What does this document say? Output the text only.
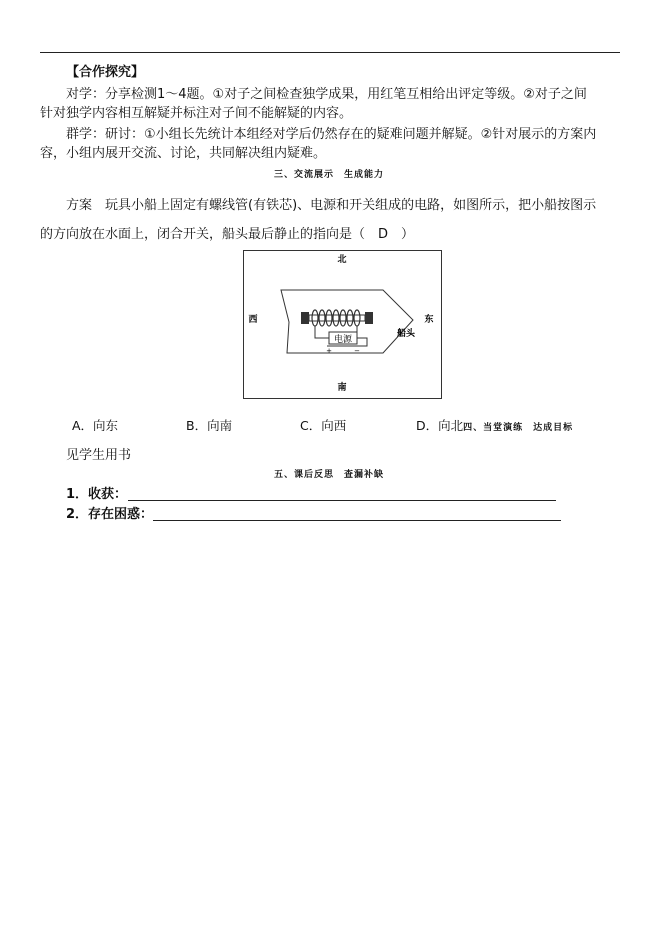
【合作探究】
对学：分享检测1～4题。①对子之间检查独学成果，用红笔互相给出评定等级。②对子之间
针对独学内容相互解疑并标注对子间不能解疑的内容。
群学：研讨：①小组长先统计本组经对学后仍然存在的疑难问题并解疑。②针对展示的方案内
容，小组内展开交流、讨论，共同解决组内疑难。
三、交流展示　生成能力
方案　玩具小船上固定有螺线管(有铁芯)、电源和开关组成的电路，如图所示，把小船按图示
的方向放在水面上，闭合开关，船头最后静止的指向是（　D　）
北
南
西	东
电源
+	−
船头
A．向东	B．向南	C．向西	D．向北四、当堂演练　达成目标
见学生用书
五、课后反思　查漏补缺
1．收获：
2．存在困惑：
